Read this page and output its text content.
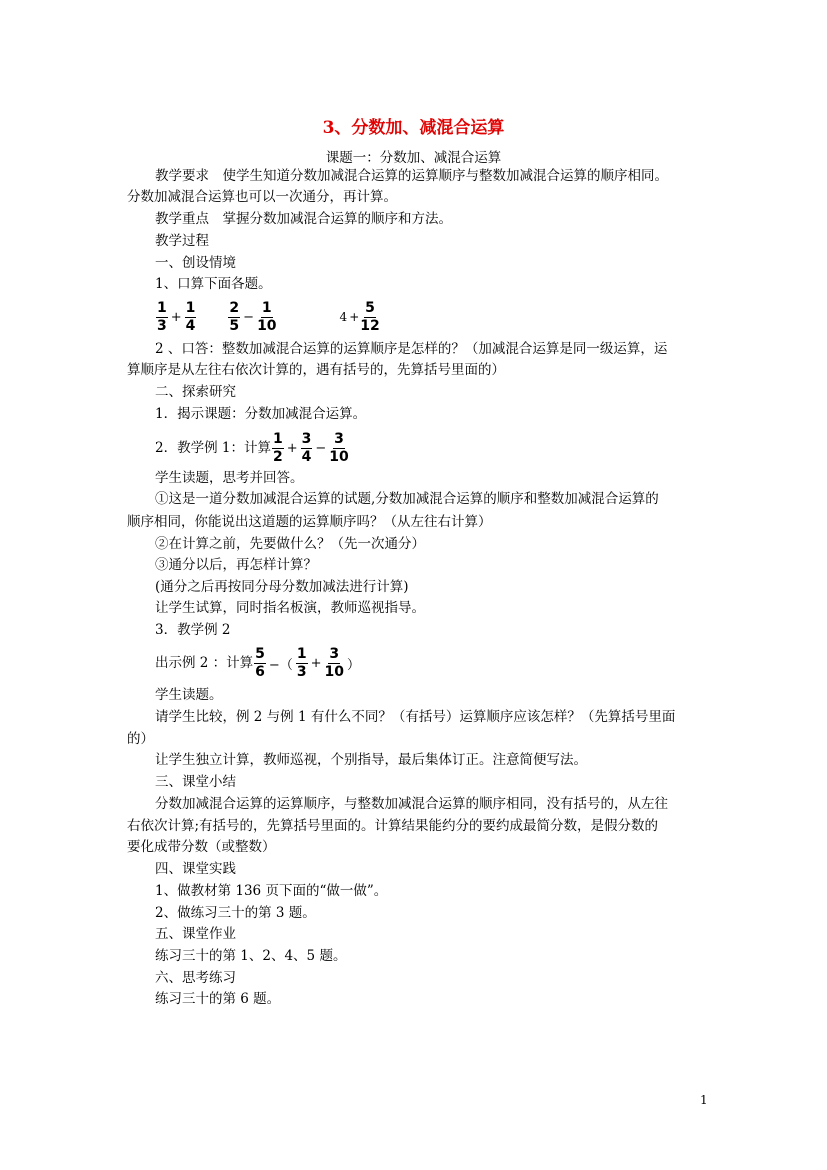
3、分数加、减混合运算
课题一：分数加、减混合运算
教学要求　使学生知道分数加减混合运算的运算顺序与整数加减混合运算的顺序相同。
分数加减混合运算也可以一次通分，再计算。
教学重点　掌握分数加减混合运算的顺序和方法。
教学过程
一、创设情境
1、口算下面各题。
$\frac{1}{3} + \frac{1}{4} \frac{2}{5} - \frac{1}{10}$	$4 + \frac{5}{12}$
2 、口答：整数加减混合运算的运算顺序是怎样的？（加减混合运算是同一级运算，运
算顺序是从左往右依次计算的，遇有括号的，先算括号里面的）
二、探索研究
1．揭示课题：分数加减混合运算。
2．教学例 1：计算 $\frac{1}{2} + \frac{3}{4} - \frac{3}{10}$
学生读题，思考并回答。
①这是一道分数加减混合运算的试题,分数加减混合运算的顺序和整数加减混合运算的
顺序相同，你能说出这道题的运算顺序吗？（从左往右计算）
②在计算之前，先要做什么？（先一次通分）
③通分以后，再怎样计算？
(通分之后再按同分母分数加减法进行计算)
让学生试算，同时指名板演，教师巡视指导。
3．教学例 2
出示例 2 ：计算 $\frac{5}{6}$ −（ $\frac{1}{3} + \frac{3}{10}$ ）
学生读题。
请学生比较，例 2 与例 1 有什么不同？（有括号）运算顺序应该怎样？（先算括号里面
的）
让学生独立计算，教师巡视，个别指导，最后集体订正。注意简便写法。
三、课堂小结
分数加减混合运算的运算顺序，与整数加减混合运算的顺序相同，没有括号的，从左往
右依次计算;有括号的，先算括号里面的。计算结果能约分的要约成最简分数，是假分数的
要化成带分数（或整数）
四、课堂实践
1、做教材第 136 页下面的“做一做”。
2、做练习三十的第 3 题。
五、课堂作业
练习三十的第 1、2、4、5 题。
六、思考练习
练习三十的第 6 题。
1
